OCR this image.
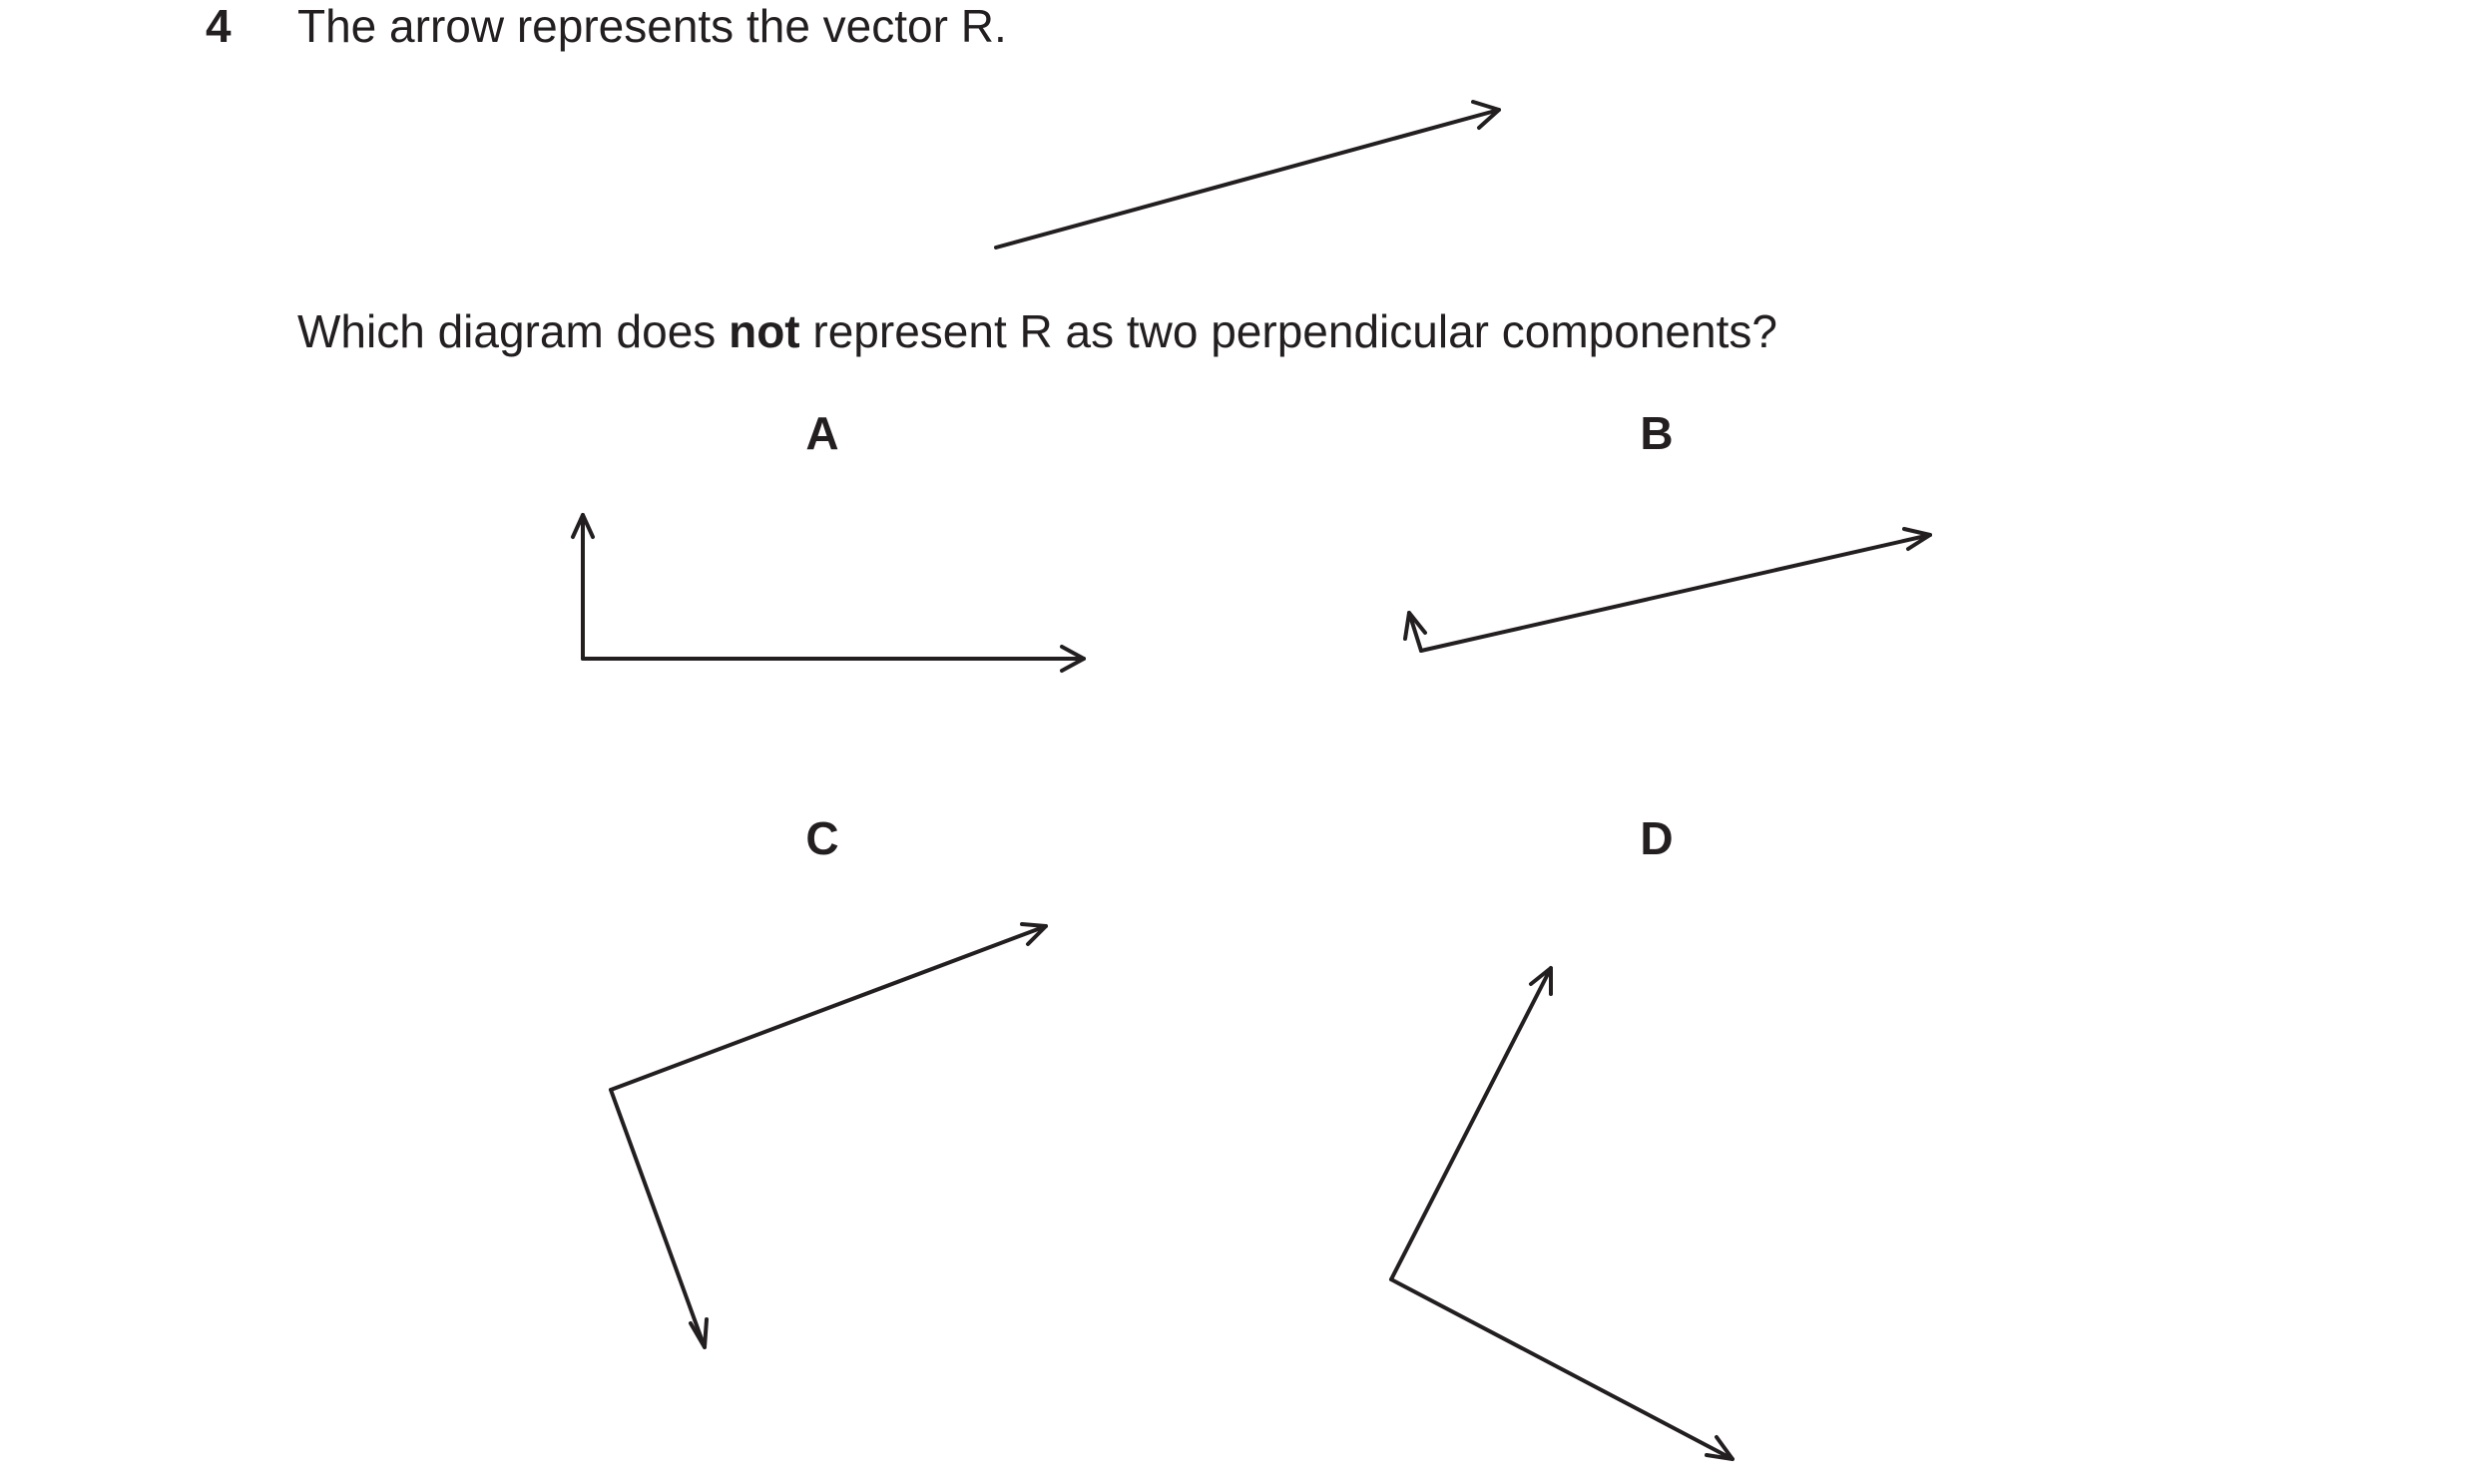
4 The arrow represents the vector R.
Which diagram does not represent R as two perpendicular components?
A	B
C	D
